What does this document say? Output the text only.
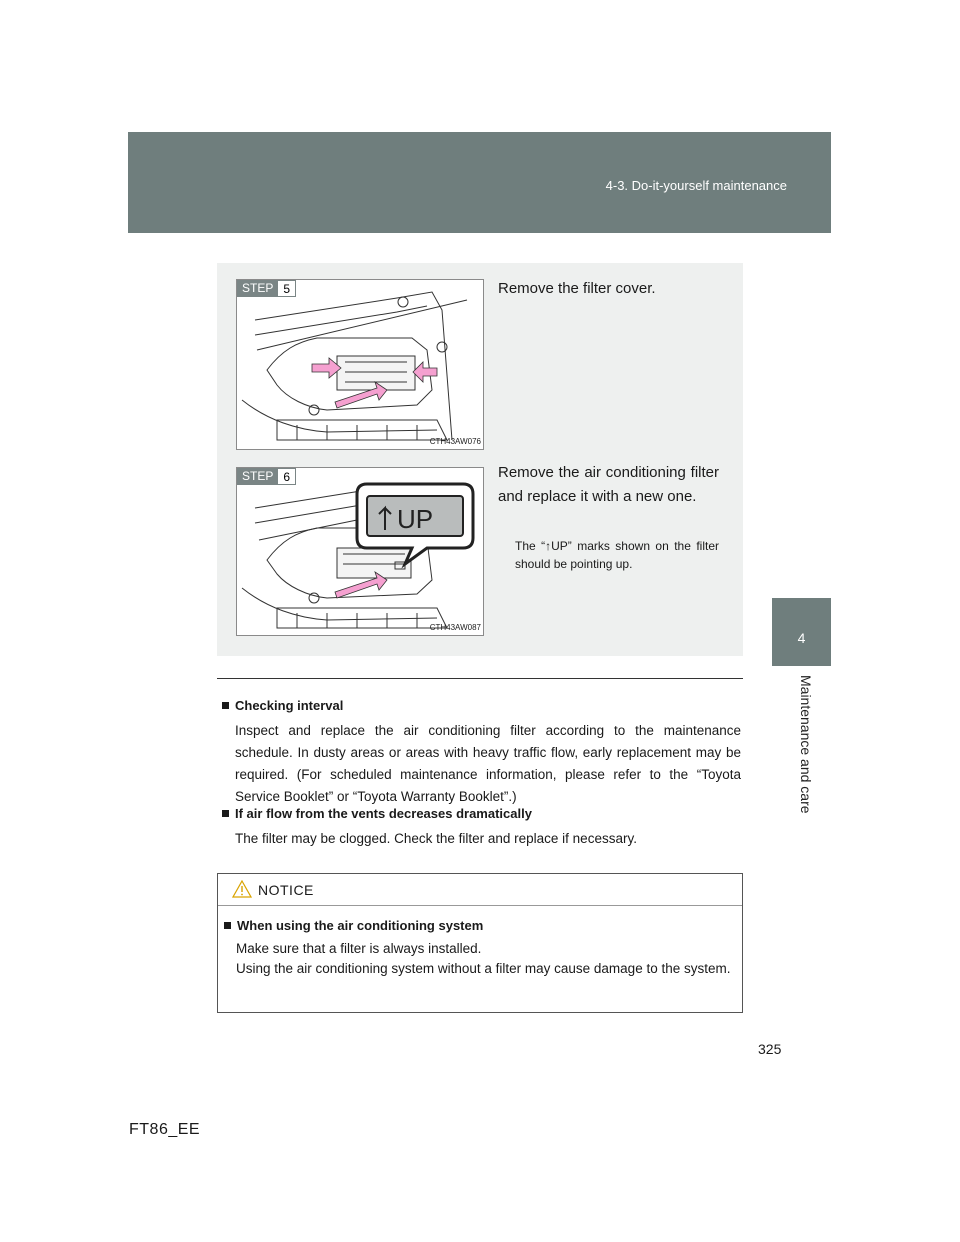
4-3. Do-it-yourself maintenance
4
Maintenance and care
STEP 5
CTH43AW076
Remove the filter cover.
UP
STEP 6
CTH43AW087
Remove the air conditioning filter and replace it with a new one.
The “↑UP” marks shown on the filter should be pointing up.
Checking interval
Inspect and replace the air conditioning filter according to the maintenance schedule. In dusty areas or areas with heavy traffic flow, early replacement may be required. (For scheduled maintenance information, please refer to the “Toyota Service Booklet” or “Toyota Warranty Booklet”.)
If air flow from the vents decreases dramatically
The filter may be clogged. Check the filter and replace if necessary.
NOTICE
When using the air conditioning system
Make sure that a filter is always installed.
Using the air conditioning system without a filter may cause damage to the system.
325
FT86_EE
